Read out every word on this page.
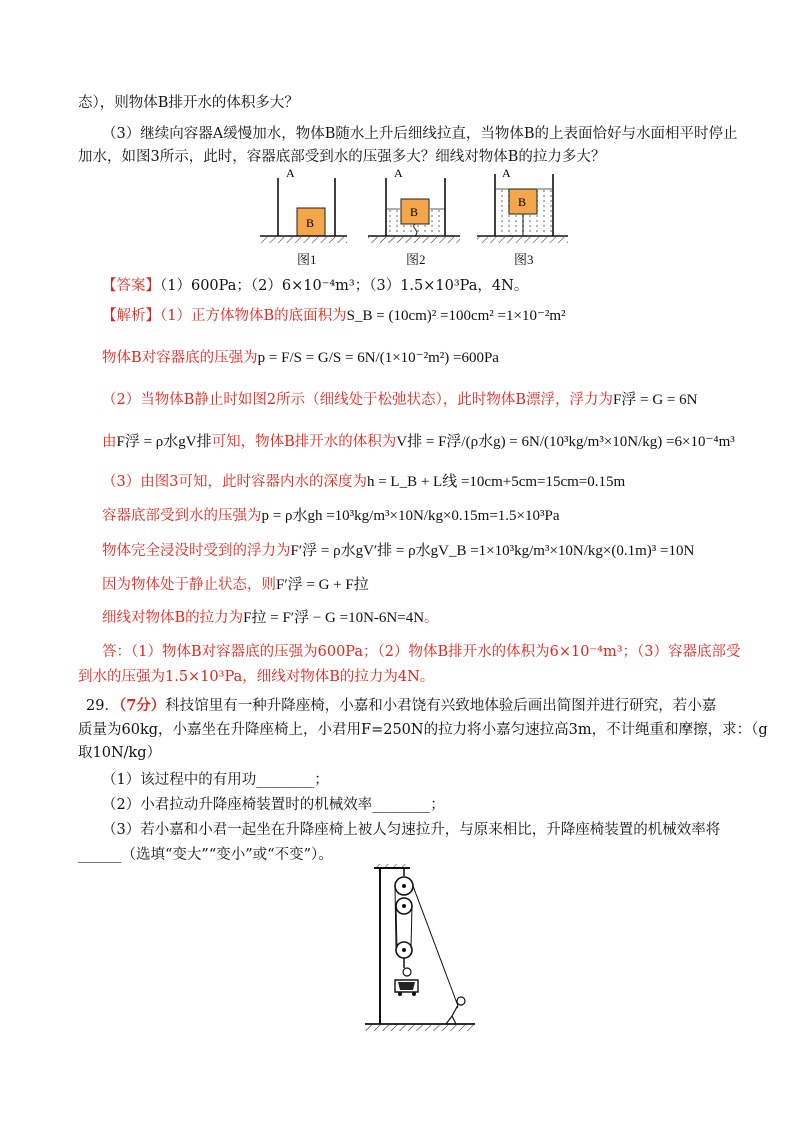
态），则物体B排开水的体积多大？
（3）继续向容器A缓慢加水，物体B随水上升后细线拉直，当物体B的上表面恰好与水面相平时停止
加水，如图3所示，此时，容器底部受到水的压强多大？细线对物体B的拉力多大？
A
B
A
B
A
B
图1	图2	图3
【答案】（1）600Pa；（2）6×10⁻⁴m³；（3）1.5×10³Pa，4N。
【解析】（1）正方体物体B的底面积为S_B = (10cm)² =100cm² =1×10⁻²m²
物体B对容器底的压强为p = F/S = G/S = 6N/(1×10⁻²m²) =600Pa
（2）当物体B静止时如图2所示（细线处于松弛状态），此时物体B漂浮，浮力为F浮 = G = 6N
由F浮 = ρ水gV排可知，物体B排开水的体积为V排 = F浮/(ρ水g) = 6N/(10³kg/m³×10N/kg) =6×10⁻⁴m³
（3）由图3可知，此时容器内水的深度为h = L_B + L线 =10cm+5cm=15cm=0.15m
容器底部受到水的压强为p = ρ水gh =10³kg/m³×10N/kg×0.15m=1.5×10³Pa
物体完全浸没时受到的浮力为F′浮 = ρ水gV′排 = ρ水gV_B =1×10³kg/m³×10N/kg×(0.1m)³ =10N
因为物体处于静止状态，则F′浮 = G + F拉
细线对物体B的拉力为F拉 = F′浮 − G =10N-6N=4N。
答：（1）物体B对容器底的压强为600Pa；（2）物体B排开水的体积为6×10⁻⁴m³；（3）容器底部受
到水的压强为1.5×10³Pa，细线对物体B的拉力为4N。
29．（7分）科技馆里有一种升降座椅，小嘉和小君饶有兴致地体验后画出简图并进行研究，若小嘉
质量为60kg，小嘉坐在升降座椅上，小君用F=250N的拉力将小嘉匀速拉高3m，不计绳重和摩擦，求：（g
取10N/kg）
（1）该过程中的有用功________；
（2）小君拉动升降座椅装置时的机械效率________；
（3）若小嘉和小君一起坐在升降座椅上被人匀速拉升，与原来相比，升降座椅装置的机械效率将
______（选填“变大”“变小”或“不变”）。
